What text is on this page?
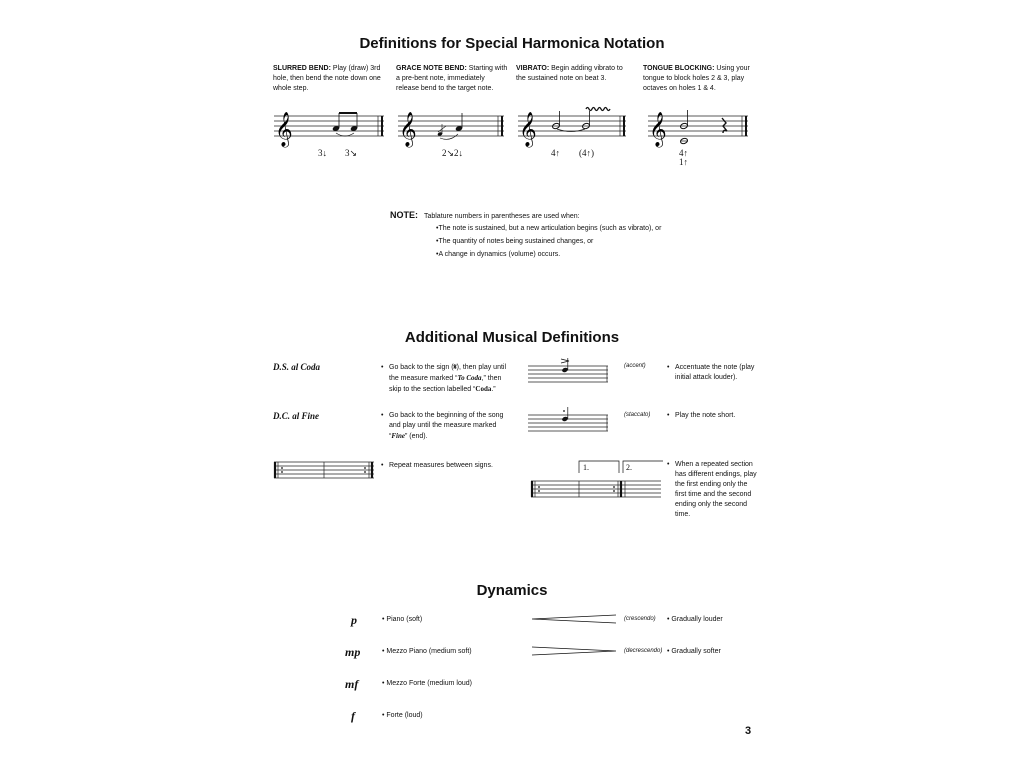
Definitions for Special Harmonica Notation
SLURRED BEND: Play (draw) 3rd hole, then bend the note down one whole step.
GRACE NOTE BEND: Starting with a pre-bent note, immediately release bend to the target note.
VIBRATO: Begin adding vibrato to the sustained note on beat 3.
TONGUE BLOCKING: Using your tongue to block holes 2 & 3, play octaves on holes 1 & 4.
𝄞
3↓ 3↘
𝄞
2↘2↓
𝄞
4↑ (4↑)
𝄞
4↑
1↑
NOTE: Tablature numbers in parentheses are used when:
•The note is sustained, but a new articulation begins (such as vibrato), or
•The quantity of notes being sustained changes, or
•A change in dynamics (volume) occurs.
Additional Musical Definitions
D.S. al Coda	• Go back to the sign (𝄋), then play until the measure marked “To Coda,” then skip to the section labelled “Coda.”
D.C. al Fine	• Go back to the beginning of the song and play until the measure marked “Fine” (end).
• Repeat measures between signs.
(accent)	• Accentuate the note (play initial attack louder).
(staccato) • Play the note short.
1.	2.	• When a repeated section has different endings, play the first ending only the first time and the second ending only the second time.
Dynamics
p	• Piano (soft)
mp	• Mezzo Piano (medium soft)
mf	• Mezzo Forte (medium loud)
f	• Forte (loud)
(crescendo) • Gradually louder
(decrescendo) • Gradually softer
3
